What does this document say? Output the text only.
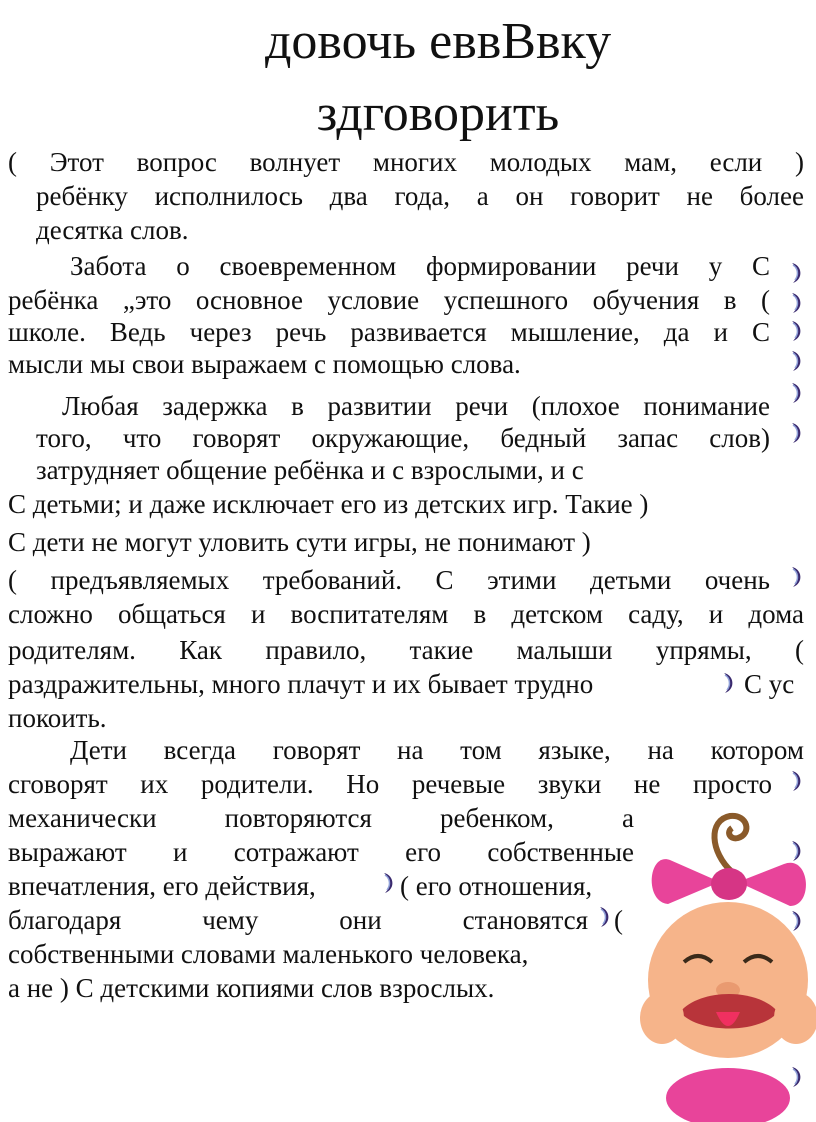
довочь еввВвку
здговорить
( Этот вопрос волнует многих молодых мам, если )
ребёнку исполнилось два года, а он говорит не более
десятка слов.
Забота о своевременном формировании речи у С
ребёнка „это основное условие успешного обучения в (
школе. Ведь через речь развивается мышление, да и С
мысли мы свои выражаем с помощью слова.
Любая задержка в развитии речи (плохое понимание
того, что говорят окружающие, бедный запас слов)
затрудняет общение ребёнка и с взрослыми, и с
С детьми; и даже исключает его из детских игр. Такие )
С дети не могут уловить сути игры, не понимают )
( предъявляемых требований. С этими детьми очень
сложно общаться и воспитателям в детском саду, и дома
родителям. Как правило, такие малыши упрямы, (
раздражительны, много плачут и их бывает трудно	С ус
покоить.
Дети всегда говорят на том языке, на котором
сговорят их родители. Но речевые звуки не просто
механически повторяются ребенком, а
выражают и сотражают его собственные
впечатления, его действия,	( его отношения,
благодаря чему они становятся (
собственными словами маленького человека,
а не ) С детскими копиями слов взрослых.
